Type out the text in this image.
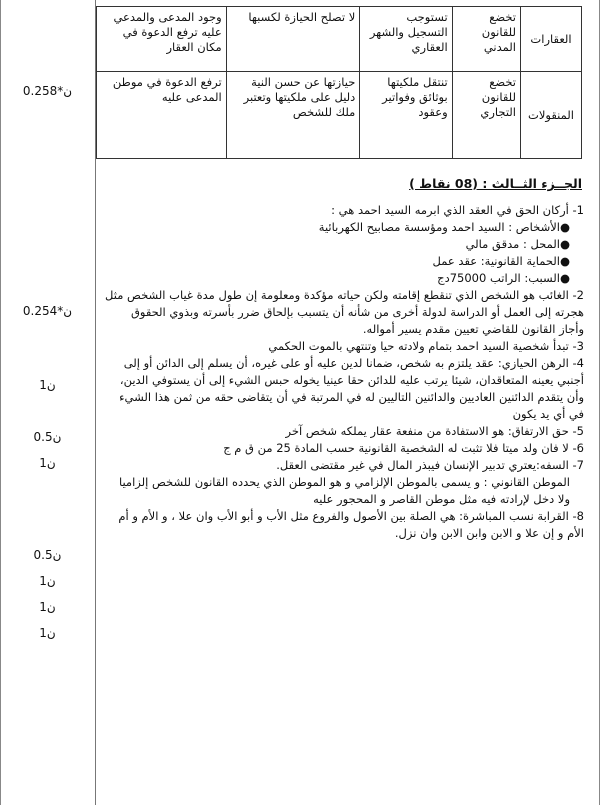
العقارات	تخضع للقانون المدني	تستوجب التسجيل والشهر العقاري	لا تصلح الحيازة لكسبها	وجود المدعى والمدعي عليه ترفع الدعوة في مكان العقار
المنقولات	تخضع للقانون التجاري	تنتقل ملكيتها بوثائق وفواتير وعقود	حيازتها عن حسن النية دليل على ملكيتها وتعتبر ملك للشخص	ترفع الدعوة في موطن المدعى عليه
0.25ن*8
0.25ن*4
1ن
0.5ن
1ن
0.5ن
1ن
1ن
1ن
الجــزء الثــالث : (08 نقاط )

1- أركان الحق في العقد الذي ابرمه السيد احمد هي :

●الأشخاص : السيد احمد ومؤسسة مصابيح الكهربائية

●المحل : مدقق مالي

●الحماية القانونية: عقد عمل

●السبب: الراتب 75000دج

2- الغائب هو الشخص الذي تنقطع إقامته ولكن حياته مؤكدة ومعلومة إن طول مدة غياب الشخص مثل هجرته إلى العمل أو الدراسة لدولة أخرى من شأنه أن يتسبب بإلحاق ضرر بأسرته وبذوي الحقوق وأجاز القانون للقاضي تعيين مقدم يسير أمواله.

3- تبدأ شخصية السيد احمد بتمام ولادته حيا وتنتهي بالموت الحكمي

4- الرهن الحيازي: عقد يلتزم به شخص، ضمانا لدين عليه أو على غيره، أن يسلم إلى الدائن أو إلى أجنبي يعينه المتعاقدان، شيئا يرتب عليه للدائن حقا عينيا يخوله حبس الشيء إلى أن يستوفي الدين، وأن يتقدم الدائنين العاديين والدائنين التاليين له في المرتبة في أن يتقاضى حقه من ثمن هذا الشيء في أي يد يكون

5- حق الارتفاق: هو الاستفادة من منفعة عقار يملكه شخص آخر

6- لا فان ولد ميتا فلا تثبت له الشخصية القانونية حسب المادة 25 من ق م ج

7- السفه:يعتري تدبير الإنسان فيبذر المال في غير مقتضى العقل.

الموطن القانوني : و يسمى بالموطن الإلزامي و هو الموطن الذي يحدده القانون للشخص إلزاميا ولا دخل لإرادته فيه مثل موطن القاصر و المحجور عليه

8- القرابة نسب المباشرة: هي الصلة بين الأصول والفروع مثل الأب و أبو الأب وان علا ، و الأم و أم الأم و إن علا و الابن وابن الابن وان نزل.
